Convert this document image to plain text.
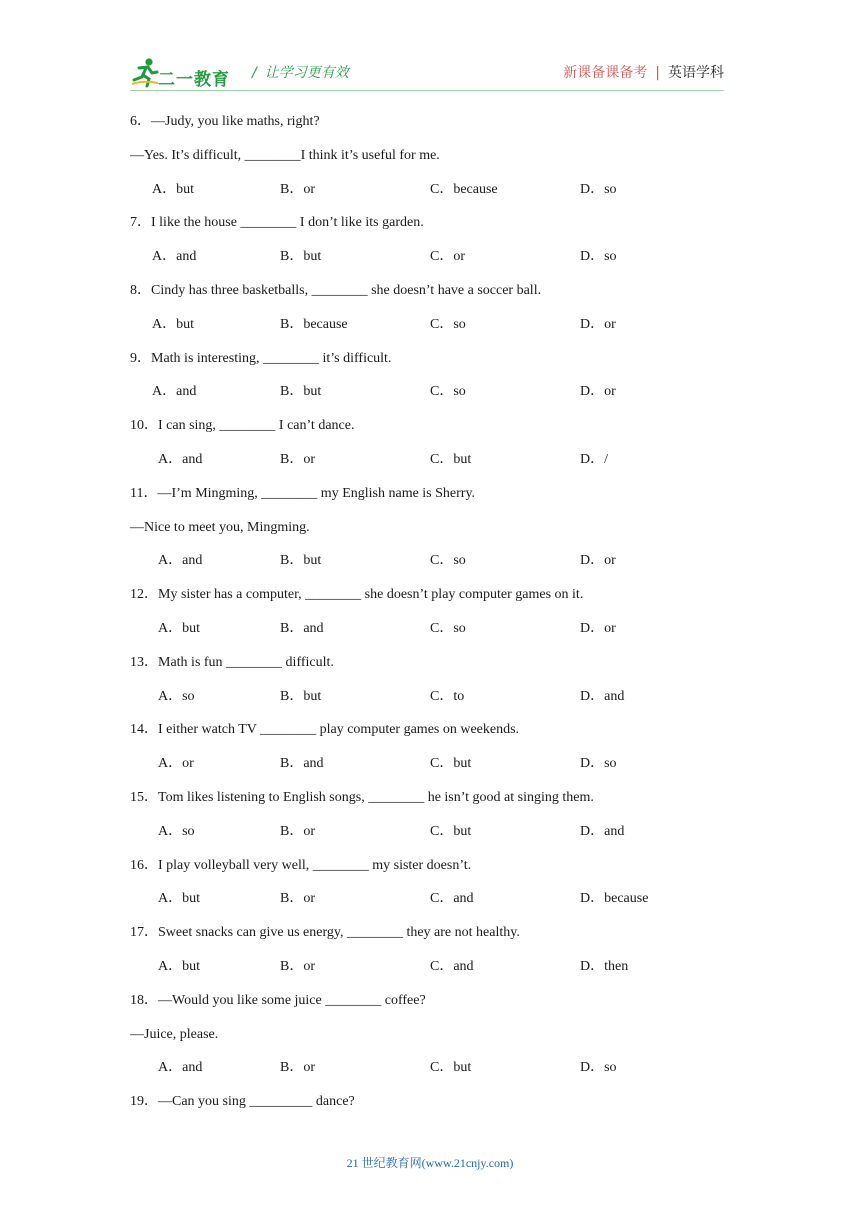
二一教育 / 让学习更有效	新课备课备考 | 英语学科
6．—Judy, you like maths, right?
—Yes. It’s difficult, ________I think it’s useful for me.
A．but	B．or	C．because	D．so
7．I like the house ________ I don’t like its garden.
A．and	B．but	C．or	D．so
8．Cindy has three basketballs, ________ she doesn’t have a soccer ball.
A．but	B．because	C．so	D．or
9．Math is interesting, ________ it’s difficult.
A．and	B．but	C．so	D．or
10．I can sing, ________ I can’t dance.
A．and	B．or	C．but	D．/
11．—I’m Mingming, ________ my English name is Sherry.
—Nice to meet you, Mingming.
A．and	B．but	C．so	D．or
12．My sister has a computer, ________ she doesn’t play computer games on it.
A．but	B．and	C．so	D．or
13．Math is fun ________ difficult.
A．so	B．but	C．to	D．and
14．I either watch TV ________ play computer games on weekends.
A．or	B．and	C．but	D．so
15．Tom likes listening to English songs, ________ he isn’t good at singing them.
A．so	B．or	C．but	D．and
16．I play volleyball very well, ________ my sister doesn’t.
A．but	B．or	C．and	D．because
17．Sweet snacks can give us energy, ________ they are not healthy.
A．but	B．or	C．and	D．then
18．—Would you like some juice ________ coffee?
—Juice, please.
A．and	B．or	C．but	D．so
19．—Can you sing _________ dance?
21 世纪教育网(www.21cnjy.com)
